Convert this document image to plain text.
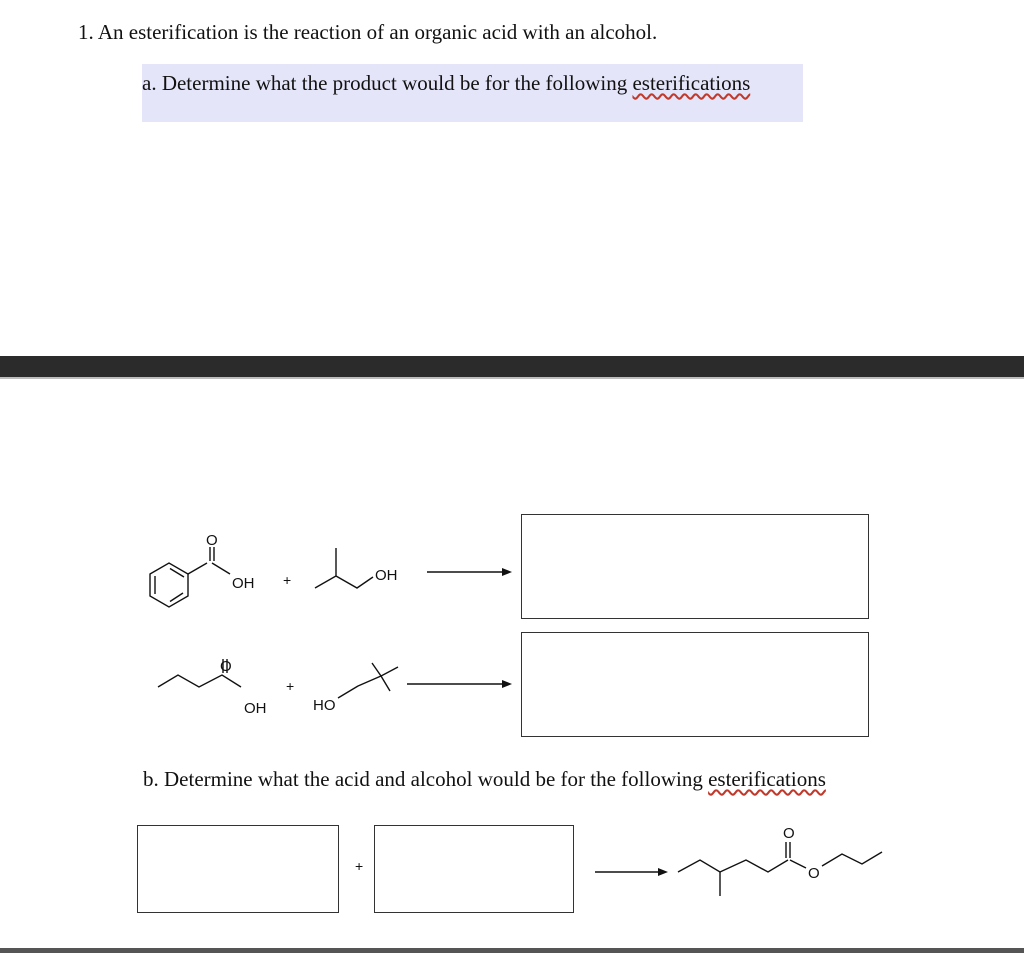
1. An esterification is the reaction of an organic acid with an alcohol.
a. Determine what the product would be for the following esterifications
O
OH +	OH
O
OH
+
HO
b. Determine what the acid and alcohol would be for the following esterifications
+
O
O
